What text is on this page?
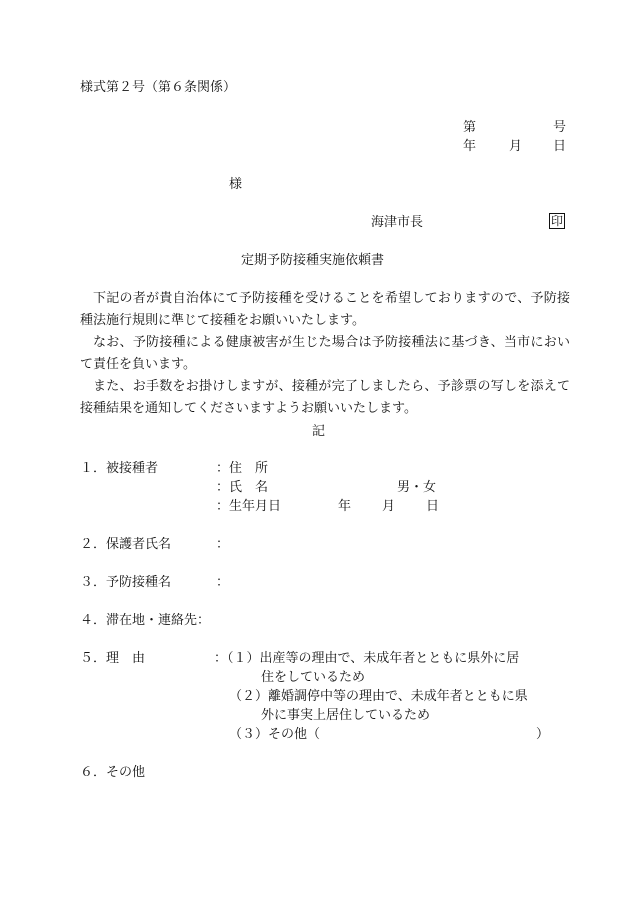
様式第２号（第６条関係）
第	号
年	月 日
様
海津市長	印
定期予防接種実施依頼書

下記の者が貴自治体にて予防接種を受けることを希望しておりますので、予防接種法施行規則に準じて接種をお願いいたします。

なお、予防接種による健康被害が生じた場合は予防接種法に基づき、当市において責任を負います。

また、お手数をお掛けしますが、接種が完了しましたら、予診票の写しを添えて接種結果を通知してくださいますようお願いいたします。

記
１．被接種者	：住　所
：氏　名	男・女
：生年月日	年 月 日
２．保護者氏名	：
３．予防接種名	：
４．滞在地・連絡先：
５．理　由	：（１）出産等の理由で、未成年者とともに県外に居
住をしているため
（２）離婚調停中等の理由で、未成年者とともに県
外に事実上居住しているため
（３）その他（	）
６．その他
